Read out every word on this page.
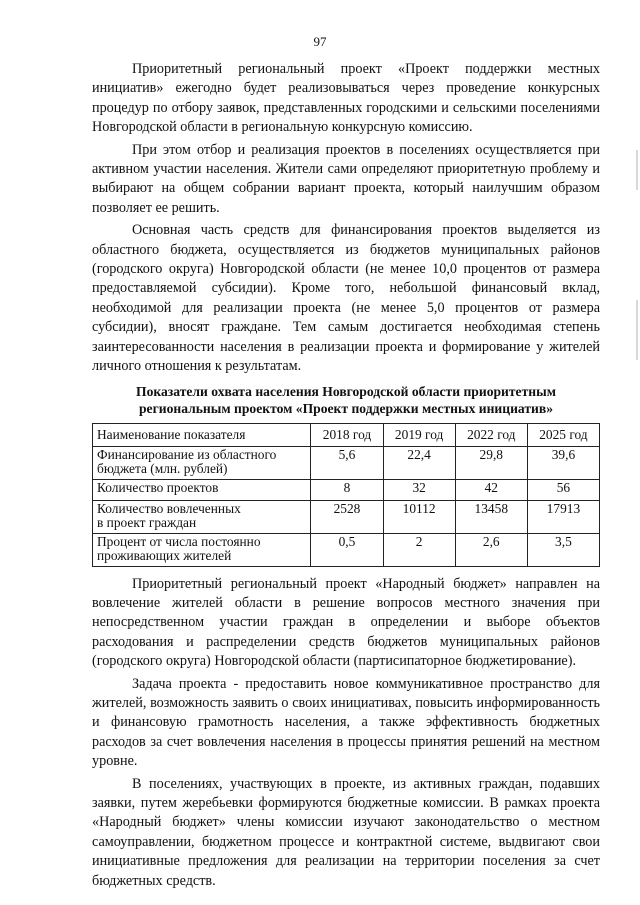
97

Приоритетный региональный проект «Проект поддержки местных инициатив» ежегодно будет реализовываться через проведение конкурсных процедур по отбору заявок, представленных городскими и сельскими поселениями Новгородской области в региональную конкурсную комиссию.

При этом отбор и реализация проектов в поселениях осуществляется при активном участии населения. Жители сами определяют приоритетную проблему и выбирают на общем собрании вариант проекта, который наилучшим образом позволяет ее решить.

Основная часть средств для финансирования проектов выделяется из областного бюджета, осуществляется из бюджетов муниципальных районов (городского округа) Новгородской области (не менее 10,0 процентов от размера предоставляемой субсидии). Кроме того, небольшой финансовый вклад, необходимой для реализации проекта (не менее 5,0 процентов от размера субсидии), вносят граждане. Тем самым достигается необходимая степень заинтересованности населения в реализации проекта и формирование у жителей личного отношения к результатам.

Показатели охвата населения Новгородской области приоритетным
региональным проектом «Проект поддержки местных инициатив»
Наименование показателя	2018 год	2019 год	2022 год	2025 год
Финансирование из областного
бюджета (млн. рублей)	5,6	22,4	29,8	39,6
Количество проектов	8	32	42	56
Количество вовлеченных
в проект граждан	2528	10112	13458	17913
Процент от числа постоянно
проживающих жителей	0,5	2	2,6	3,5

Приоритетный региональный проект «Народный бюджет» направлен на вовлечение жителей области в решение вопросов местного значения при непосредственном участии граждан в определении и выборе объектов расходования и распределении средств бюджетов муниципальных районов (городского округа) Новгородской области (партисипаторное бюджетирование).

Задача проекта - предоставить новое коммуникативное пространство для жителей, возможность заявить о своих инициативах, повысить информированность и финансовую грамотность населения, а также эффективность бюджетных расходов за счет вовлечения населения в процессы принятия решений на местном уровне.

В поселениях, участвующих в проекте, из активных граждан, подавших заявки, путем жеребьевки формируются бюджетные комиссии. В рамках проекта «Народный бюджет» члены комиссии изучают законодательство о местном самоуправлении, бюджетном процессе и контрактной системе, выдвигают свои инициативные предложения для реализации на территории поселения за счет бюджетных средств.
